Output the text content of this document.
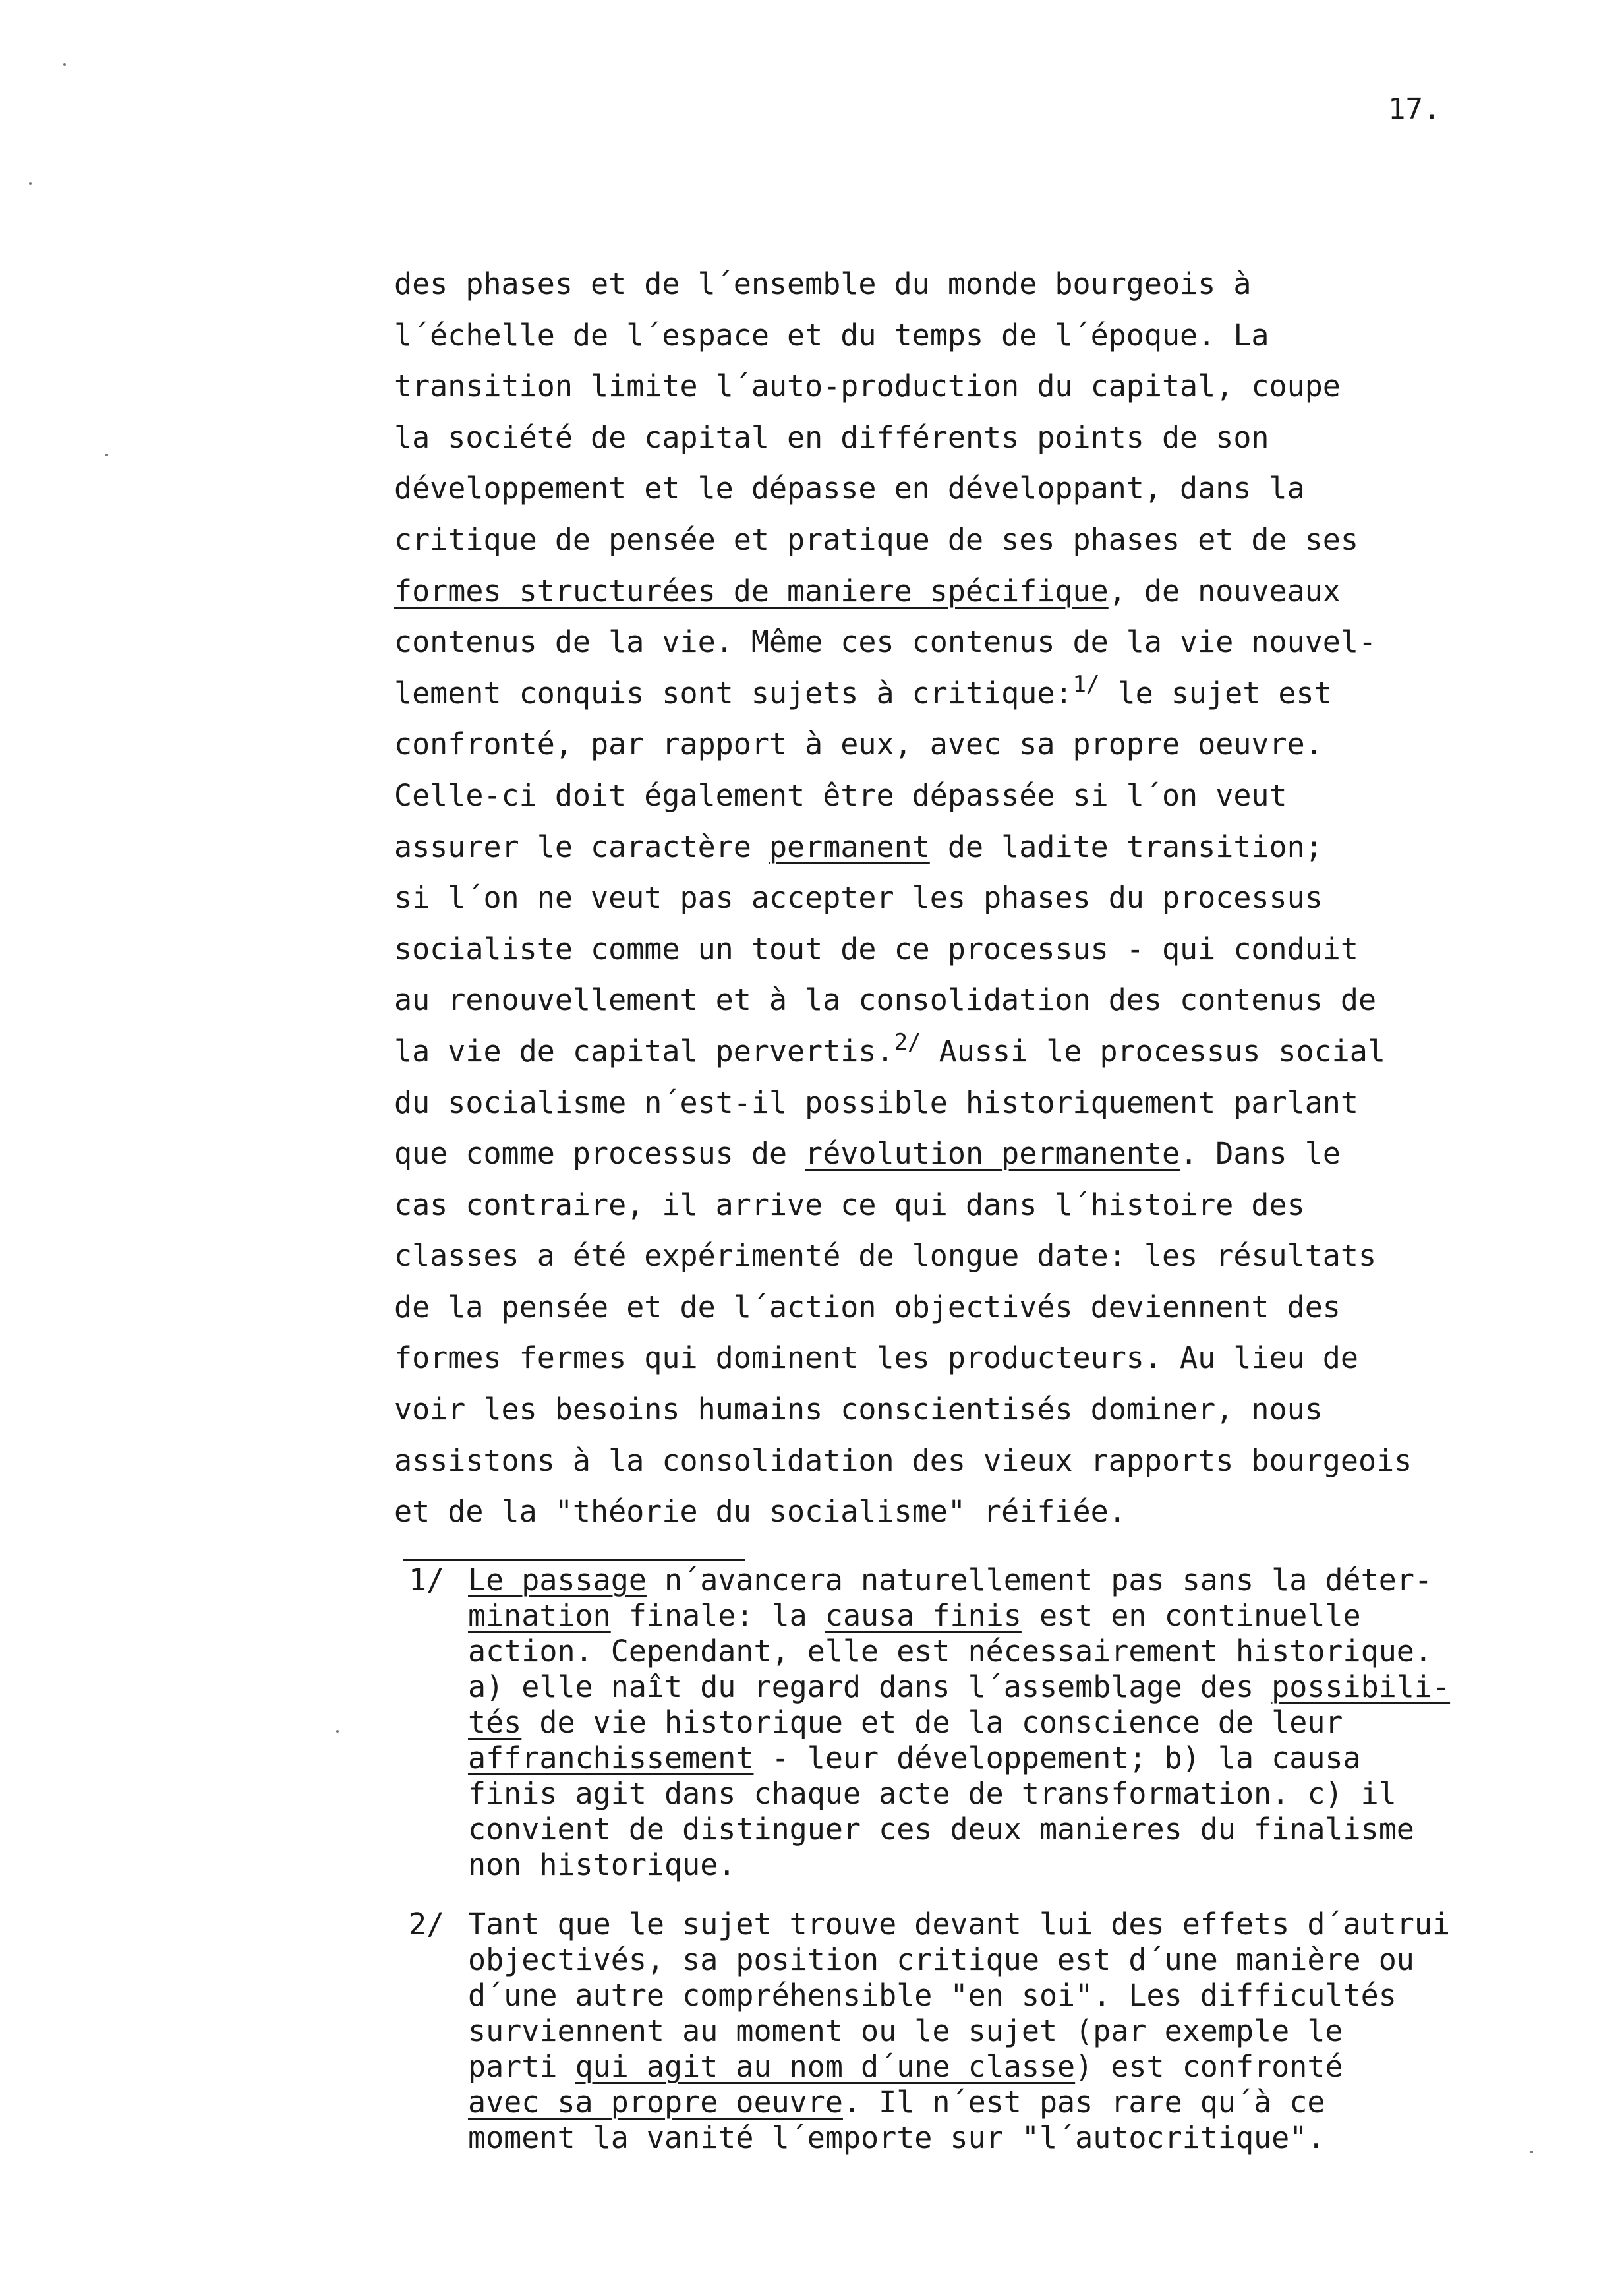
17.
des phases et de l´ensemble du monde bourgeois à
l´échelle de l´espace et du temps de l´époque. La
transition limite l´auto-production du capital, coupe
la société de capital en différents points de son
développement et le dépasse en développant, dans la
critique de pensée et pratique de ses phases et de ses
formes structurées de maniere spécifique, de nouveaux
contenus de la vie. Même ces contenus de la vie nouvel-
lement conquis sont sujets à critique:$^{1/}$ le sujet est
confronté, par rapport à eux, avec sa propre oeuvre.
Celle-ci doit également être dépassée si l´on veut
assurer le caractère permanent de ladite transition;
si l´on ne veut pas accepter les phases du processus
socialiste comme un tout de ce processus - qui conduit
au renouvellement et à la consolidation des contenus de
la vie de capital pervertis.$^{2/}$ Aussi le processus social
du socialisme n´est-il possible historiquement parlant
que comme processus de révolution permanente. Dans le
cas contraire, il arrive ce qui dans l´histoire des
classes a été expérimenté de longue date: les résultats
de la pensée et de l´action objectivés deviennent des
formes fermes qui dominent les producteurs. Au lieu de
voir les besoins humains conscientisés dominer, nous
assistons à la consolidation des vieux rapports bourgeois
et de la "théorie du socialisme" réifiée.
1/ Le passage n´avancera naturellement pas sans la déter-
mination finale: la causa finis est en continuelle
action. Cependant, elle est nécessairement historique.
a) elle naît du regard dans l´assemblage des possibili-
tés de vie historique et de la conscience de leur
affranchissement - leur développement; b) la causa
finis agit dans chaque acte de transformation. c) il
convient de distinguer ces deux manieres du finalisme
non historique.
2/ Tant que le sujet trouve devant lui des effets d´autrui
objectivés, sa position critique est d´une manière ou
d´une autre compréhensible "en soi". Les difficultés
surviennent au moment ou le sujet (par exemple le
parti qui agit au nom d´une classe) est confronté
avec sa propre oeuvre. Il n´est pas rare qu´à ce
moment la vanité l´emporte sur "l´autocritique".
